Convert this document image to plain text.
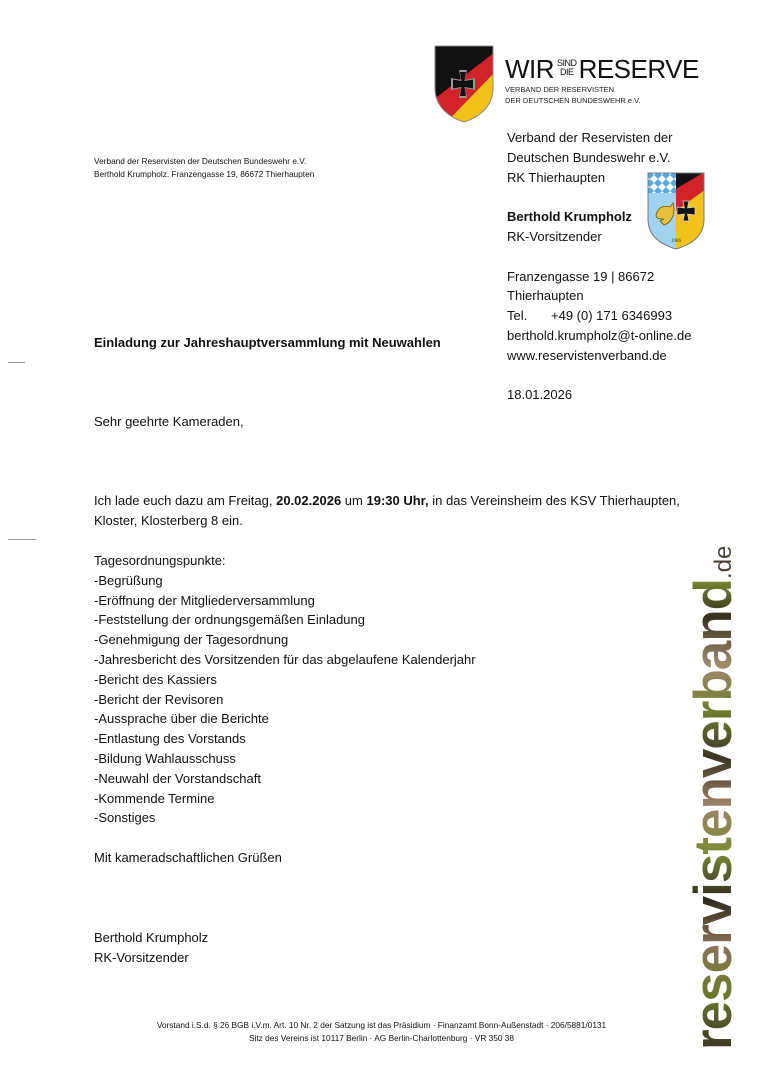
WIR SIND
DIE RESERVE
VERBAND DER RESERVISTEN
DER DEUTSCHEN BUNDESWEHR e.V.
Verband der Reservisten der
Deutschen Bundeswehr e.V.
RK Thierhaupten
Berthold Krumpholz
RK-Vorsitzender
Franzengasse 19 | 86672
Thierhaupten
Tel. +49 (0) 171 6346993
berthold.krumpholz@t-online.de
www.reservistenverband.de
1986
Verband der Reservisten der Deutschen Bundeswehr e.V.
Berthold Krumpholz. Franzengasse 19, 86672 Thierhaupten
Einladung zur Jahreshauptversammlung mit Neuwahlen
18.01.2026
Sehr geehrte Kameraden,
Ich lade euch dazu am Freitag, 20.02.2026 um 19:30 Uhr, in das Vereinsheim des KSV Thierhaupten,
Kloster, Klosterberg 8 ein.
Tagesordnungspunkte:
-Begrüßung
-Eröffnung der Mitgliederversammlung
-Feststellung der ordnungsgemäßen Einladung
-Genehmigung der Tagesordnung
-Jahresbericht des Vorsitzenden für das abgelaufene Kalenderjahr
-Bericht des Kassiers
-Bericht der Revisoren
-Aussprache über die Berichte
-Entlastung des Vorstands
-Bildung Wahlausschuss
-Neuwahl der Vorstandschaft
-Kommende Termine
-Sonstiges
Mit kameradschaftlichen Grüßen
Berthold Krumpholz
RK-Vorsitzender	reservistenverband.de
Vorstand i.S.d. § 26 BGB i.V.m. Art. 10 Nr. 2 der Satzung ist das Präsidium · Finanzamt Bonn-Außenstadt · 206/5881/0131
Sitz des Vereins ist 10117 Berlin · AG Berlin-Charlottenburg · VR 350 38
